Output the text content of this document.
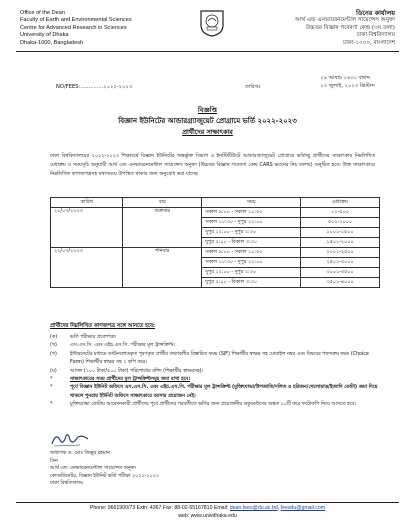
Office of the Dean
Faculty of Earth and Environmental Sciences
Centre for Advanced Research in Sciences
University of Dhaka
Dhaka-1000, Bangladesh
ডিনের কার্যালয়
আর্থ এন্ড এনভায়রনমেন্টাল সায়েন্সেস অনুষদ
উচ্চতর বিজ্ঞান গবেষণা কেন্দ্র (৩য় তলা)
ঢাকা বিশ্ববিদ্যালয়
ঢাকা-১০০০, বাংলাদেশ
NO/FEES:..............২০২২-২০২৩	তারিখঃ
২৯ আষাঢ় ১৪৩০ বঙ্গাব্দ
১৩ জুলাই, ২০২৩ খ্রিস্টাব্দ
বিজ্ঞপ্তি
বিজ্ঞান ইউনিটের আন্ডারগ্র্যাজুয়েট প্রোগ্রামে ভর্তি ২০২২-২০২৩
প্রার্থীদের সাক্ষাৎকার
ঢাকা বিশ্ববিদ্যালয়ের ২০২২-২০২৩ শিক্ষাবর্ষে বিজ্ঞান ইউনিটের অন্তর্ভুক্ত বিভাগ ও ইনস্টিটিউটে আন্ডারগ্র্যাজুয়েট প্রোগ্রামে ভর্তিচ্ছু প্রার্থীদের সাক্ষাৎকার নিম্নলিখিত মেধাক্রম ও সময়সূচি অনুযায়ী আর্থ এন্ড এনভায়রনমেন্টাল সায়েন্সেস অনুষদ (উচ্চতর বিজ্ঞান গবেষণা কেন্দ্র CARS ভবনের নিচ তলায়) অনুষ্ঠিত হবে। উক্ত সাক্ষাৎকারে নিম্নলিখিত কাগজপত্রসহ যথাসময়ে উপস্থিত থাকার জন্য অনুরোধ করা যাচ্ছে।
তারিখ	বার	সময়	মেধাক্রম
২১/০৭/২০২৩	শুক্রবার	সকাল ৯:০০ - সকাল ১০:৩০	০১-৫০০
		সকাল ১০:৩০ - দুপুর ১২:০০	৫০১-১০০০
		দুপুর ১২:০০ - দুপুর ১:৩০	১০০১-১৫০০
		দুপুর ২:০০ - বিকাল ৩:৩০	১৫০১-২০০০
২২/০৭/২০২৩	শনিবার	সকাল ৯:০০ - সকাল ১০:৩০	২০০১-২৫০০
		সকাল ১০:৩০ - দুপুর ১২:০০	২৫০১-৩০০০
		দুপুর ১২:০০ - দুপুর ১:৩০	৩০০১-৩৫০০
		দুপুর ২:০০ - বিকাল ৩:৩০	৩৫০১-৪০০০
প্রার্থীদের নিম্নলিখিত কাগজপত্র সঙ্গে আনতে হবে:
(ক)	ভর্তি পরীক্ষার প্রবেশপত্র।
(খ)	এস.এস.সি. এবং এইচ.এস.সি. পরীক্ষার মূল ট্রান্সক্রিপ্ট।
(গ)	ইন্টারনেটের মাধ্যমে ডাউনলোডকৃত পূরণকৃত প্রার্থীর তথ্যাবলীর বিস্তারিত ফরম (SIF) শিক্ষার্থীর স্বাক্ষর সহ মোবাইল নম্বর এবং বিষয়ের পছন্দক্রম ফরম (Choice Form) শিক্ষার্থীর স্বাক্ষর সহ ২ কপি করে।
(ঘ)	আসল (১০০ টাকা/৫০০ টাকা) পরিশোধের রশিদ (শিক্ষার্থীর স্বাক্ষরসহ)।
*	সাক্ষাৎকারের সময় প্রার্থীদের মূল ট্রান্সক্রিপ্টসমূহ জমা রাখা হবে।
*	পূর্বে বিজ্ঞান ইউনিট অফিসে এস.এস.সি. এবং এইচ.এস.সি. পরীক্ষার মূল ট্রান্সক্রিপ্ট (মুক্তিযোদ্ধা/উপজাতি/দলিত ও হরিজন/খেলোয়াড়/ইত্যাদি কোটা) জমা দিয়ে থাকলে পুনরায় ইউনিট অফিসে সাক্ষাৎকারে আসার প্রয়োজন নেই।
*	মুক্তিযোদ্ধা কোটায় আবেদনকারী প্রার্থীদের পূর্বে প্রার্থীদের পরবর্তীতে ভর্তির জন্য প্রয়োজনীয় ডকুমেন্টসের অন্তত ১০টি করে ফটোকপি নিয়ে আসতে হবে।
অধ্যাপক ড. মোঃ জিল্লুর রহমান
ডিন
আর্থ এন্ড এনভায়রনমেন্টাল সায়েন্সেস অনুষদ
কোঅর্ডিনেটর, বিজ্ঞান ইউনিট ভর্তি পরীক্ষা ২০২২-২০২৩
ঢাকা বিশ্ববিদ্যালয়
Phone: 9661900/73 Extn: 4367 Fax: 88-02-55167810 Email: dean.fees@du.ac.bd, feesdu@gmail.com
web: www.univdhaka.edu
